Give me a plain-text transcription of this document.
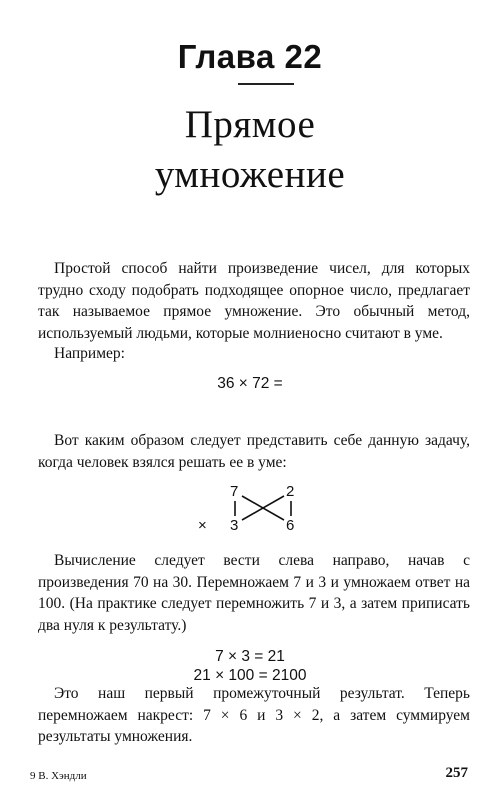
Глава 22
Прямое
умножение

Простой способ найти произведение чисел, для которых трудно сходу подобрать подходящее опорное число, предлагает так называемое прямое умножение. Это обычный метод, используемый людьми, которые молниеносно считают в уме.

Например:

36 × 72 =

Вот каким образом следует представить себе данную задачу, когда человек взялся решать ее в уме:

7	2
× 3	6

Вычисление следует вести слева направо, начав с произведения 70 на 30. Перемножаем 7 и 3 и умножаем ответ на 100. (На практике следует перемножить 7 и 3, а затем приписать два нуля к результату.)

7 × 3 = 21
21 × 100 = 2100

Это наш первый промежуточный результат. Теперь перемножаем накрест: 7 × 6 и 3 × 2, а затем суммируем результаты умножения.

9 В. Хэндли	257
